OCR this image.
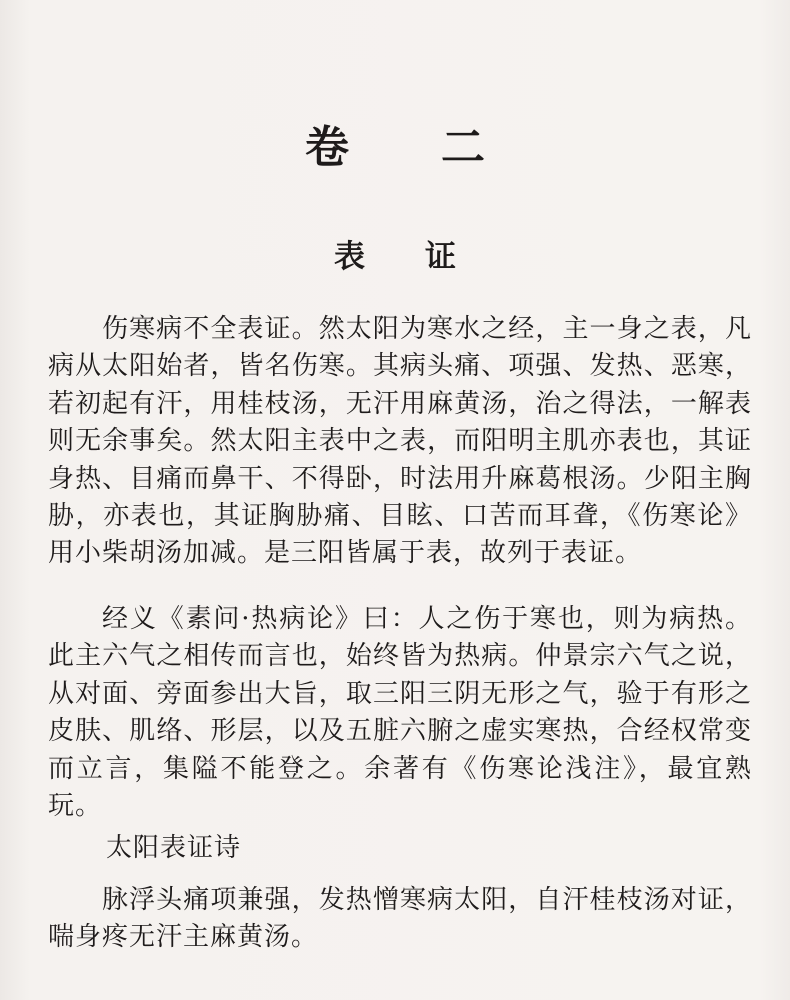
卷二
表证

伤寒病不全表证。然太阳为寒水之经，主一身之表，凡病从太阳始者，皆名伤寒。其病头痛、项强、发热、恶寒，若初起有汗，用桂枝汤，无汗用麻黄汤，治之得法，一解表则无余事矣。然太阳主表中之表，而阳明主肌亦表也，其证身热、目痛而鼻干、不得卧，时法用升麻葛根汤。少阳主胸胁，亦表也，其证胸胁痛、目眩、口苦而耳聋，《伤寒论》用小柴胡汤加减。是三阳皆属于表，故列于表证。

经义《素问·热病论》曰：人之伤于寒也，则为病热。此主六气之相传而言也，始终皆为热病。仲景宗六气之说，从对面、旁面参出大旨，取三阳三阴无形之气，验于有形之皮肤、肌络、形层，以及五脏六腑之虚实寒热，合经权常变而立言，集隘不能登之。余著有《伤寒论浅注》，最宜熟玩。

太阳表证诗

脉浮头痛项兼强，发热憎寒病太阳，自汗桂枝汤对证，喘身疼无汗主麻黄汤。
